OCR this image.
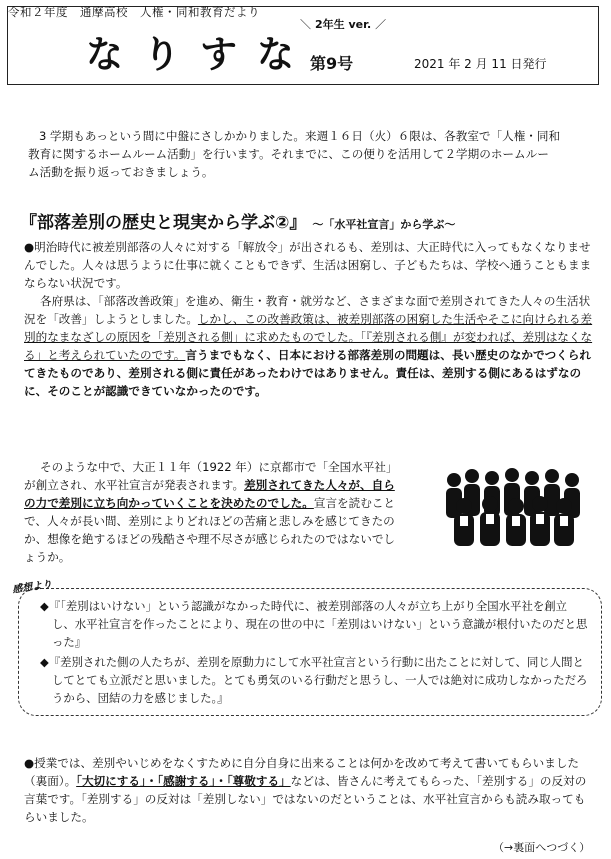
令和２年度　通摩高校　人権・同和教育だより
なりすな
＼ 2年生 ver. ／
第9号	2021 年 2 月 11 日発行

3 学期もあっという間に中盤にさしかかりました。来週１６日（火）６限は、各教室で「人権・同和

教育に関するホームルーム活動」を行います。それまでに、この便りを活用して２学期のホームルー

ム活動を振り返っておきましょう。

『部落差別の歴史と現実から学ぶ②』 ～「水平社宣言」から学ぶ～

●明治時代に被差別部落の人々に対する「解放令」が出されるも、差別は、大正時代に入ってもなくなりませんでした。人々は思うように仕事に就くこともできず、生活は困窮し、子どもたちは、学校へ通うこともままならない状況です。

各府県は、「部落改善政策」を進め、衛生・教育・就労など、さまざまな面で差別されてきた人々の生活状況を「改善」しようとしました。しかし、この改善政策は、被差別部落の困窮した生活やそこに向けられる差別的なまなざしの原因を「差別される側」に求めたものでした。「『差別される側』が変われば、差別はなくなる」と考えられていたのです。言うまでもなく、日本における部落差別の問題は、長い歴史のなかでつくられてきたものであり、差別される側に責任があったわけではありません。責任は、差別する側にあるはずなのに、そのことが認識できていなかったのです。

そのような中で、大正１１年（1922 年）に京都市で「全国水平社」が創立され、水平社宣言が発表されます。差別されてきた人々が、自らの力で差別に立ち向かっていくことを決めたのでした。宣言を読むことで、人々が長い間、差別によりどれほどの苦痛と悲しみを感じてきたのか、想像を絶するほどの残酷さや理不尽さが感じられたのではないでしょうか。

感想より

◆『「差別はいけない」という認識がなかった時代に、被差別部落の人々が立ち上がり全国水平社を創立し、水平社宣言を作ったことにより、現在の世の中に「差別はいけない」という意識が根付いたのだと思った』

◆『差別された側の人たちが、差別を原動力にして水平社宣言という行動に出たことに対して、同じ人間としてとても立派だと思いました。とても勇気のいる行動だと思うし、一人では絶対に成功しなかっただろうから、団結の力を感じました。』

●授業では、差別やいじめをなくすために自分自身に出来ることは何かを改めて考えて書いてもらいました（裏面）。「大切にする」・「感謝する」・「尊敬する」などは、皆さんに考えてもらった、「差別する」の反対の言葉です。「差別する」の反対は「差別しない」ではないのだということは、水平社宣言からも読み取ってもらいました。

（→裏面へつづく）
